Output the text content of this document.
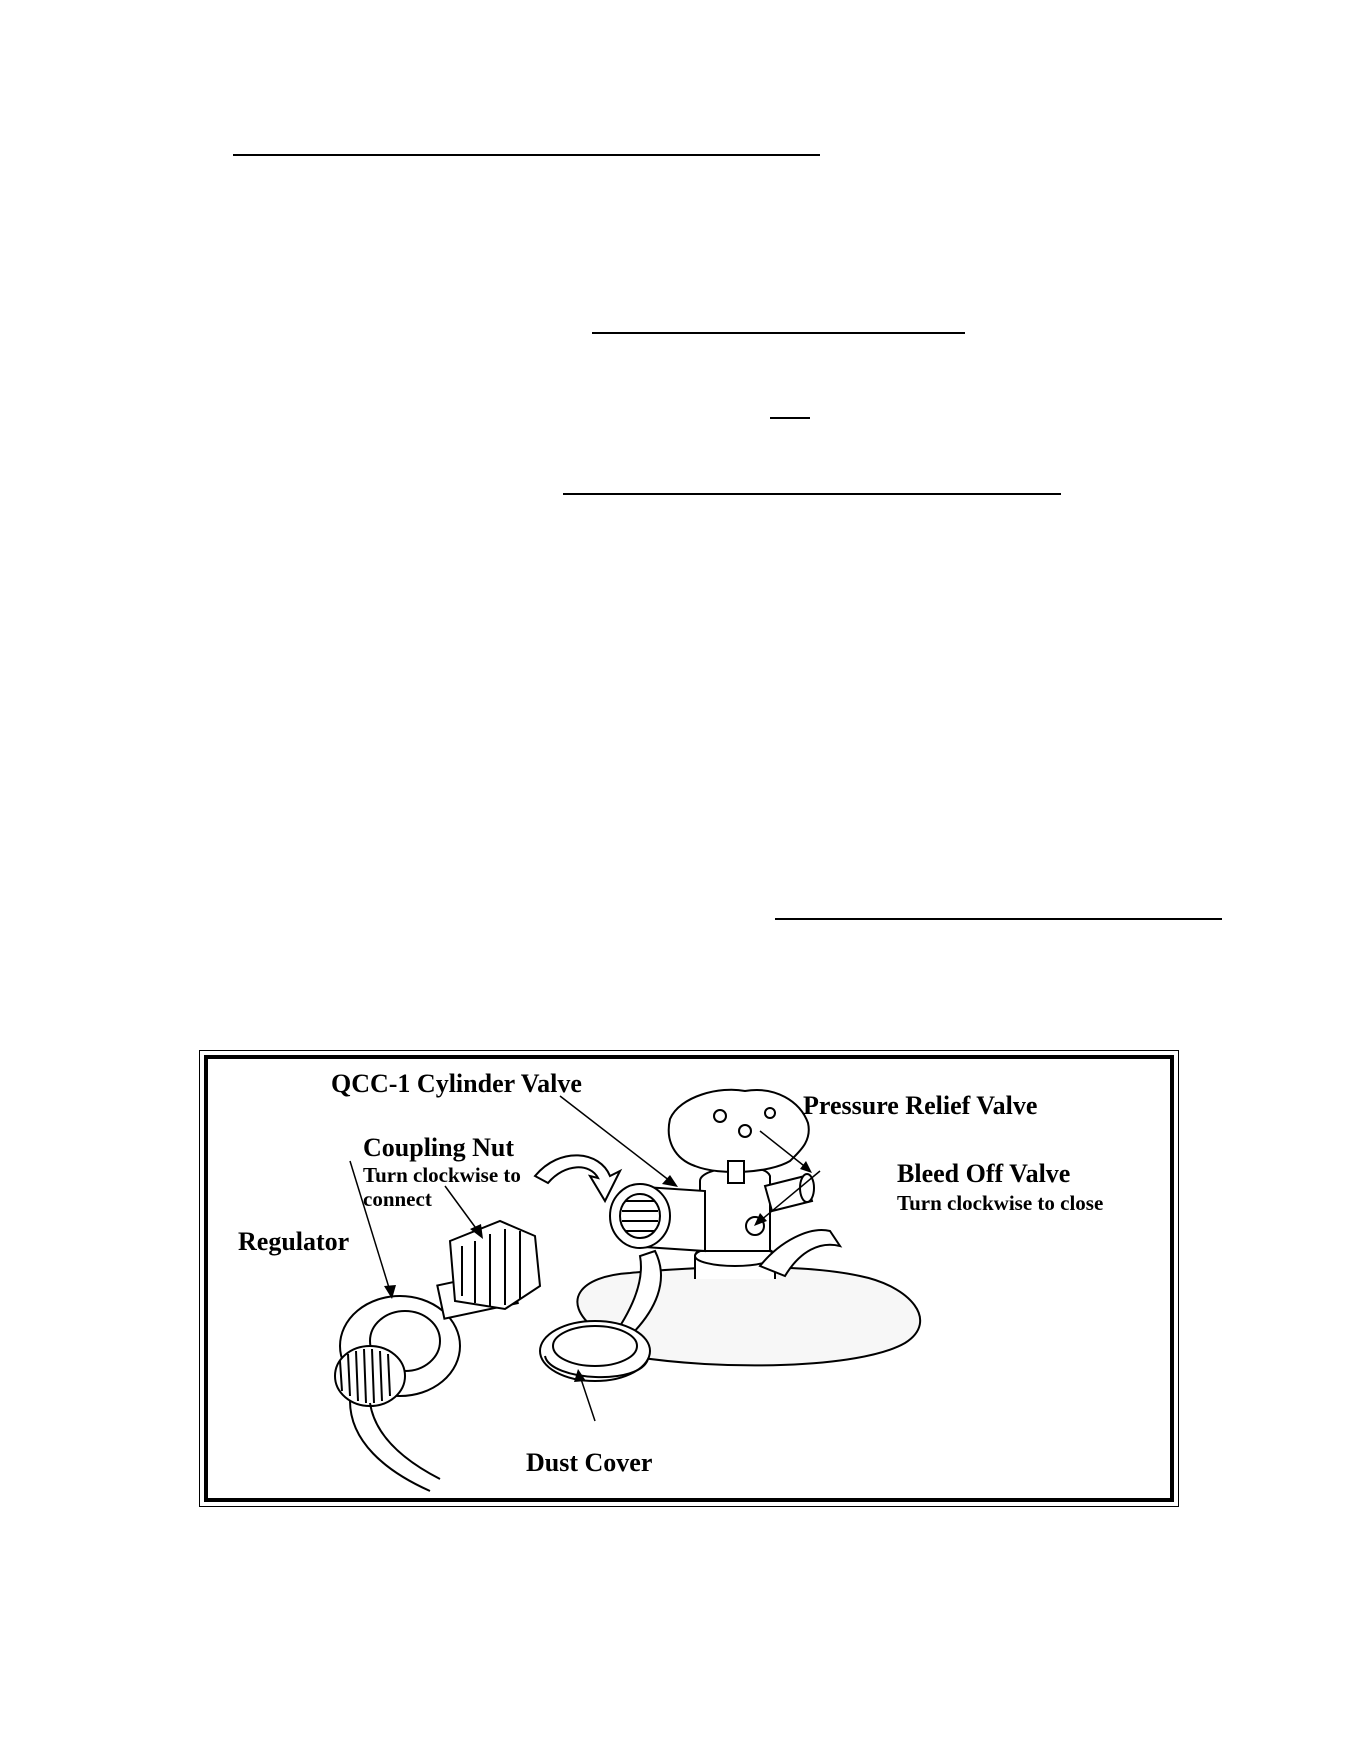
QCC-1 Cylinder Valve
Pressure Relief Valve
Coupling Nut
Turn clockwise to
connect
Bleed Off Valve
Turn clockwise to close
Regulator
Dust Cover
